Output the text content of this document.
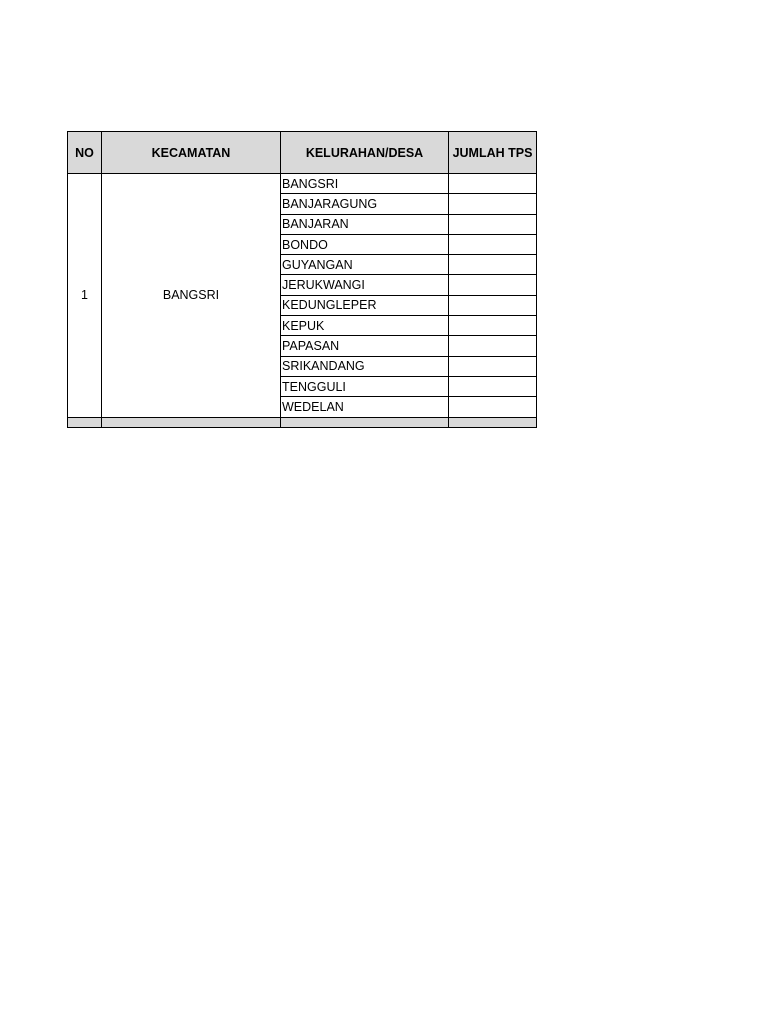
NO	KECAMATAN	KELURAHAN/DESA	JUMLAH TPS
1	BANGSRI	BANGSRI	
		BANJARAGUNG	
		BANJARAN	
		BONDO	
		GUYANGAN	
		JERUKWANGI	
		KEDUNGLEPER	
		KEPUK	
		PAPASAN	
		SRIKANDANG	
		TENGGULI	
		WEDELAN	
